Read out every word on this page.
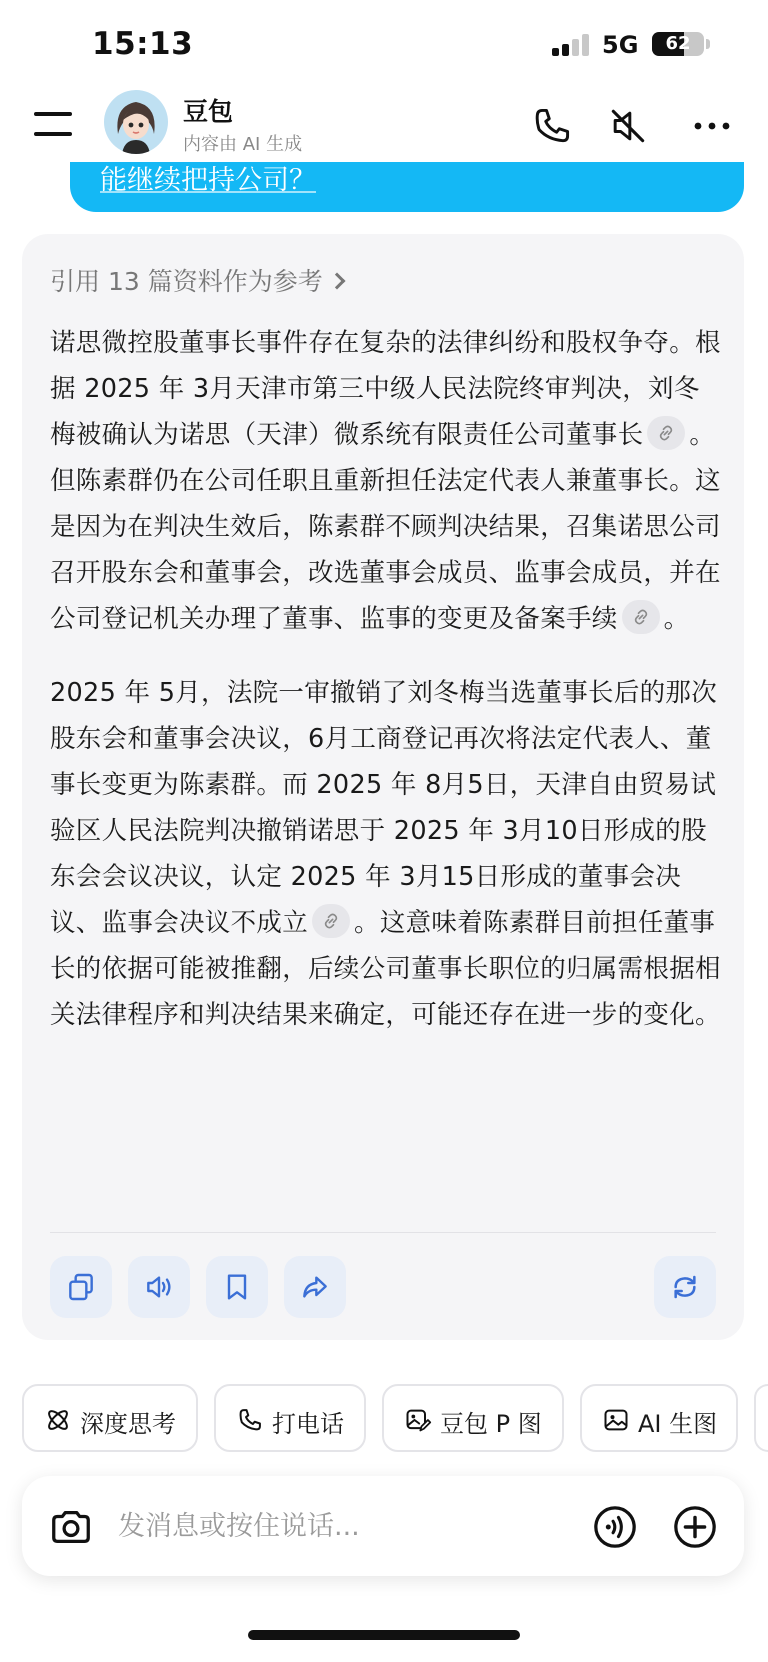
15:13	5G	62
能继续把持公司？
豆包
内容由 AI 生成
引用 13 篇资料作为参考

诺思微控股董事长事件存在复杂的法律纠纷和股权争夺。根据 2025 年 3月天津市第三中级人民法院终审判决，刘冬梅被确认为诺思（天津）微系统有限责任公司董事长 。但陈素群仍在公司任职且重新担任法定代表人兼董事长。这是因为在判决生效后，陈素群不顾判决结果，召集诺思公司召开股东会和董事会，改选董事会成员、监事会成员，并在公司登记机关办理了董事、监事的变更及备案手续 。

2025 年 5月，法院一审撤销了刘冬梅当选董事长后的那次股东会和董事会决议，6月工商登记再次将法定代表人、董事长变更为陈素群。而 2025 年 8月5日，天津自由贸易试验区人民法院判决撤销诺思于 2025 年 3月10日形成的股东会会议决议，认定 2025 年 3月15日形成的董事会决议、监事会决议不成立 。这意味着陈素群目前担任董事长的依据可能被推翻，后续公司董事长职位的归属需根据相关法律程序和判决结果来确定，可能还存在进一步的变化。

深度思考	打电话	豆包 P 图	AI 生图
发消息或按住说话...
